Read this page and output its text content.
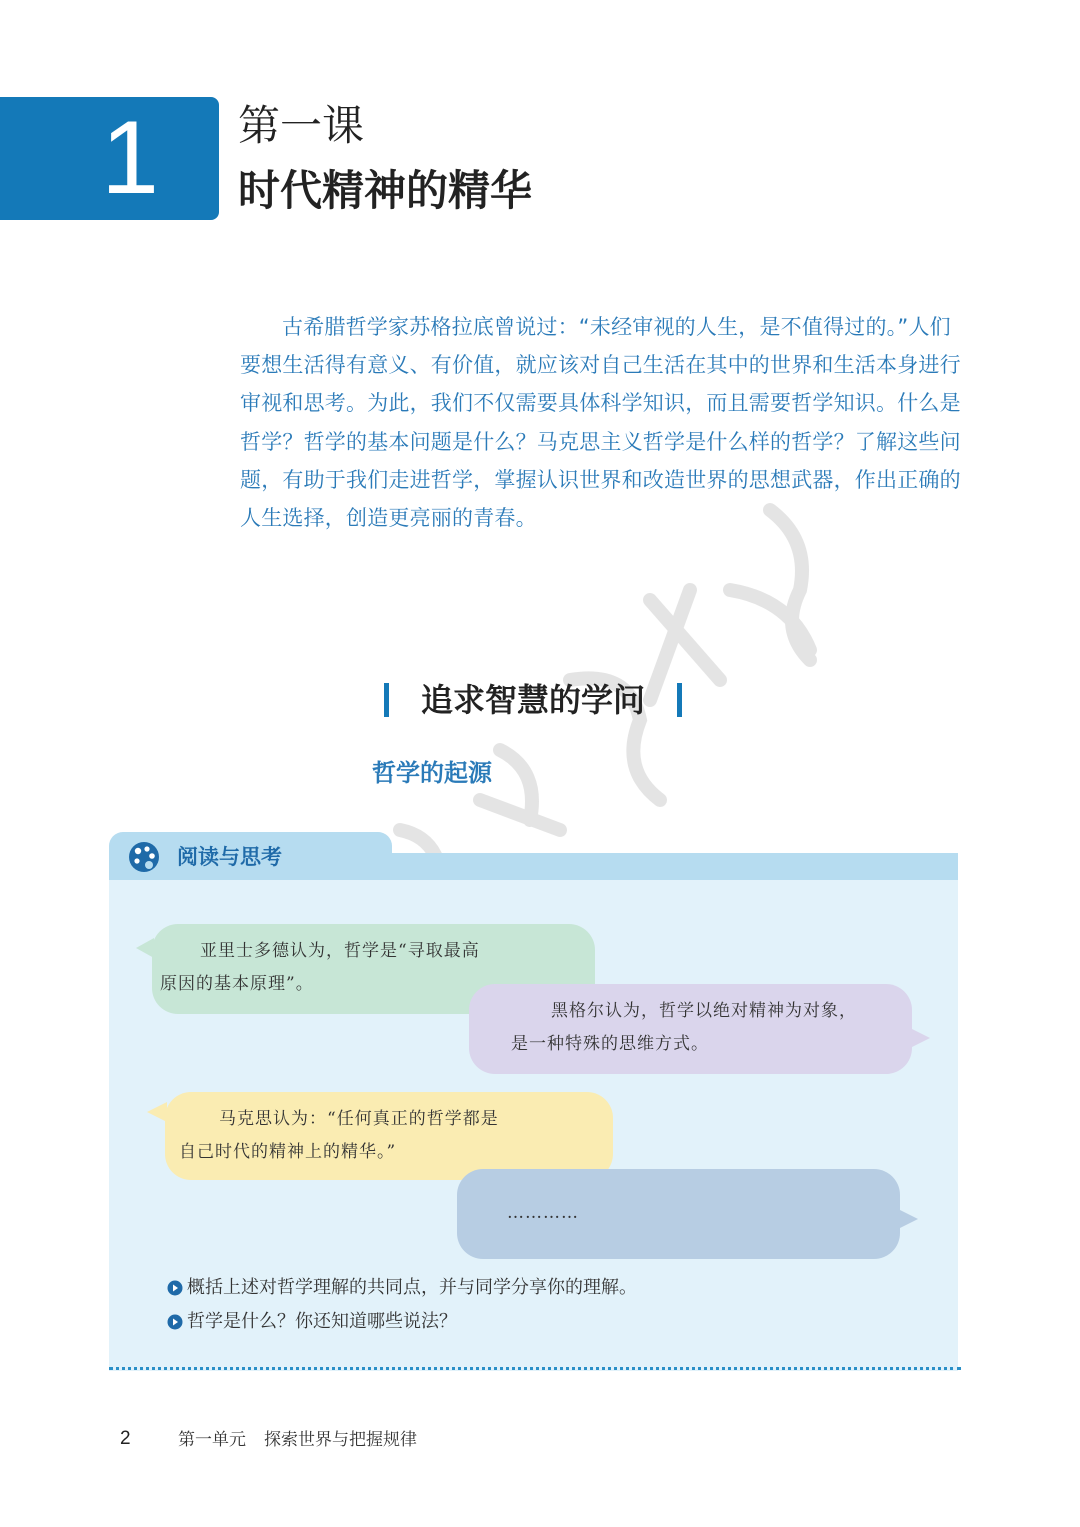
1 第一课
时代精神的精华

古希腊哲学家苏格拉底曾说过：“未经审视的人生，是不值得过的。”人们要想生活得有意义、有价值，就应该对自己生活在其中的世界和生活本身进行审视和思考。为此，我们不仅需要具体科学知识，而且需要哲学知识。什么是哲学？哲学的基本问题是什么？马克思主义哲学是什么样的哲学？了解这些问题，有助于我们走进哲学，掌握认识世界和改造世界的思想武器，作出正确的人生选择，创造更亮丽的青春。

追求智慧的学问
哲学的起源
阅读与思考
亚里士多德认为，哲学是“寻取最高
原因的基本原理”。
黑格尔认为，哲学以绝对精神为对象，
是一种特殊的思维方式。
马克思认为：“任何真正的哲学都是
自己时代的精神上的精华。”
…………
概括上述对哲学理解的共同点，并与同学分享你的理解。
哲学是什么？你还知道哪些说法？
2	第一单元 探索世界与把握规律
